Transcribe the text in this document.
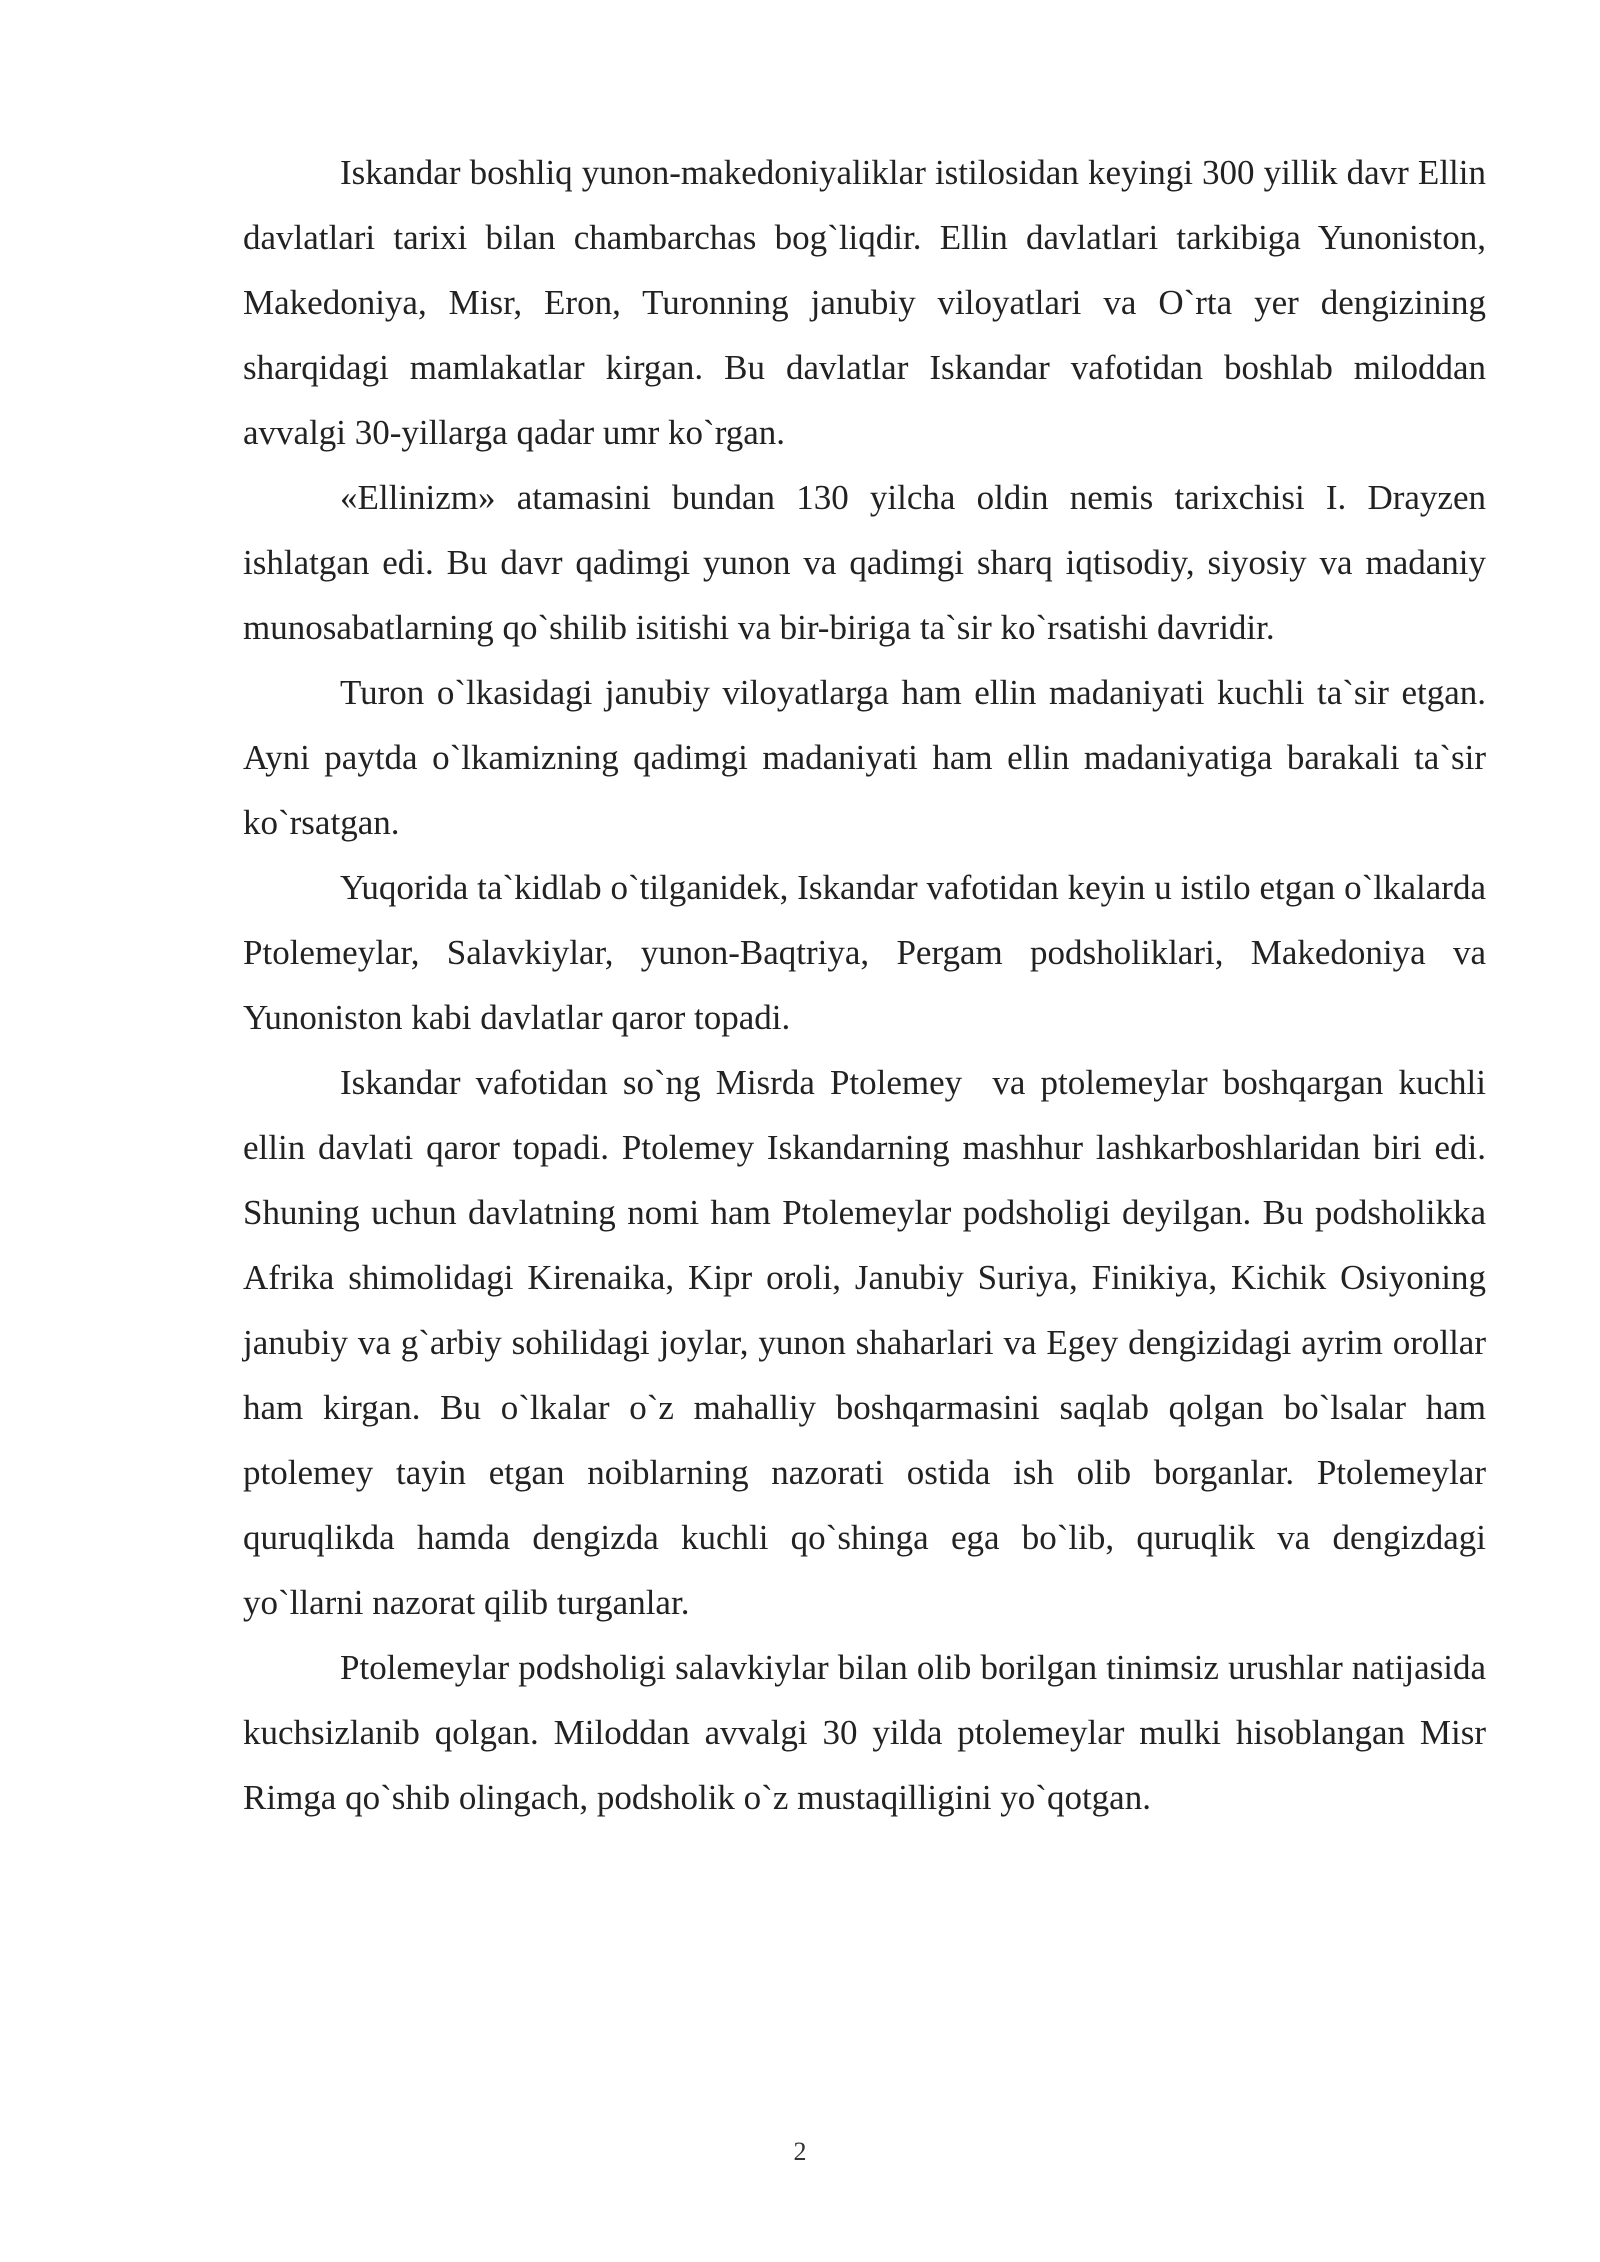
Iskandar boshliq yunon-makedoniyaliklar istilosidan keyingi 300 yillik davr Ellin davlatlari tarixi bilan chambarchas bog`liqdir. Ellin davlatlari tarkibiga Yunoniston, Makedoniya, Misr, Eron, Turonning janubiy viloyatlari va O`rta yer dengizining sharqidagi mamlakatlar kirgan. Bu davlatlar Iskandar vafotidan boshlab miloddan avvalgi 30-yillarga qadar umr ko`rgan.

«Ellinizm» atamasini bundan 130 yilcha oldin nemis tarixchisi I. Drayzen ishlatgan edi. Bu davr qadimgi yunon va qadimgi sharq iqtisodiy, siyosiy va madaniy munosabatlarning qo`shilib isitishi va bir-biriga ta`sir ko`rsatishi davridir.

Turon o`lkasidagi janubiy viloyatlarga ham ellin madaniyati kuchli ta`sir etgan. Ayni paytda o`lkamizning qadimgi madaniyati ham ellin madaniyatiga barakali ta`sir ko`rsatgan.

Yuqorida ta`kidlab o`tilganidek, Iskandar vafotidan keyin u istilo etgan o`lkalarda Ptolemeylar, Salavkiylar, yunon-Baqtriya, Pergam podsholiklari, Makedoniya va Yunoniston kabi davlatlar qaror topadi.

Iskandar vafotidan so`ng Misrda Ptolemey  va ptolemeylar boshqargan kuchli ellin davlati qaror topadi. Ptolemey Iskandarning mashhur lashkarboshlaridan biri edi. Shuning uchun davlatning nomi ham Ptolemeylar podsholigi deyilgan. Bu podsholikka Afrika shimolidagi Kirenaika, Kipr oroli, Janubiy Suriya, Finikiya, Kichik Osiyoning janubiy va g`arbiy sohilidagi joylar, yunon shaharlari va Egey dengizidagi ayrim orollar ham kirgan. Bu o`lkalar o`z mahalliy boshqarmasini saqlab qolgan bo`lsalar ham ptolemey tayin etgan noiblarning nazorati ostida ish olib borganlar. Ptolemeylar quruqlikda hamda dengizda kuchli qo`shinga ega bo`lib, quruqlik va dengizdagi yo`llarni nazorat qilib turganlar.

Ptolemeylar podsholigi salavkiylar bilan olib borilgan tinimsiz urushlar natijasida kuchsizlanib qolgan. Miloddan avvalgi 30 yilda ptolemeylar mulki hisoblangan Misr Rimga qo`shib olingach, podsholik o`z mustaqilligini yo`qotgan.

2
